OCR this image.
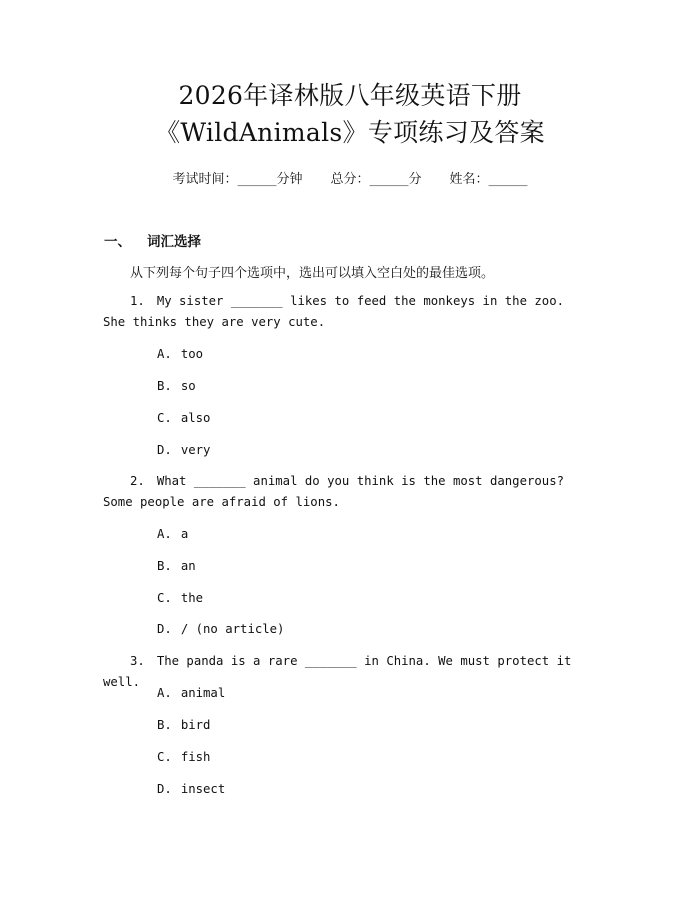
2026年译林版八年级英语下册
《WildAnimals》专项练习及答案
考试时间：______分钟 总分：______分 姓名：______
一、 词汇选择
从下列每个句子四个选项中，选出可以填入空白处的最佳选项。
1. My sister _______ likes to feed the monkeys in the zoo. She thinks they are very cute.
A. too
B. so
C. also
D. very
2. What _______ animal do you think is the most dangerous? Some people are afraid of lions.
A. a
B. an
C. the
D. / (no article)
3. The panda is a rare _______ in China. We must protect it well.
A. animal
B. bird
C. fish
D. insect
